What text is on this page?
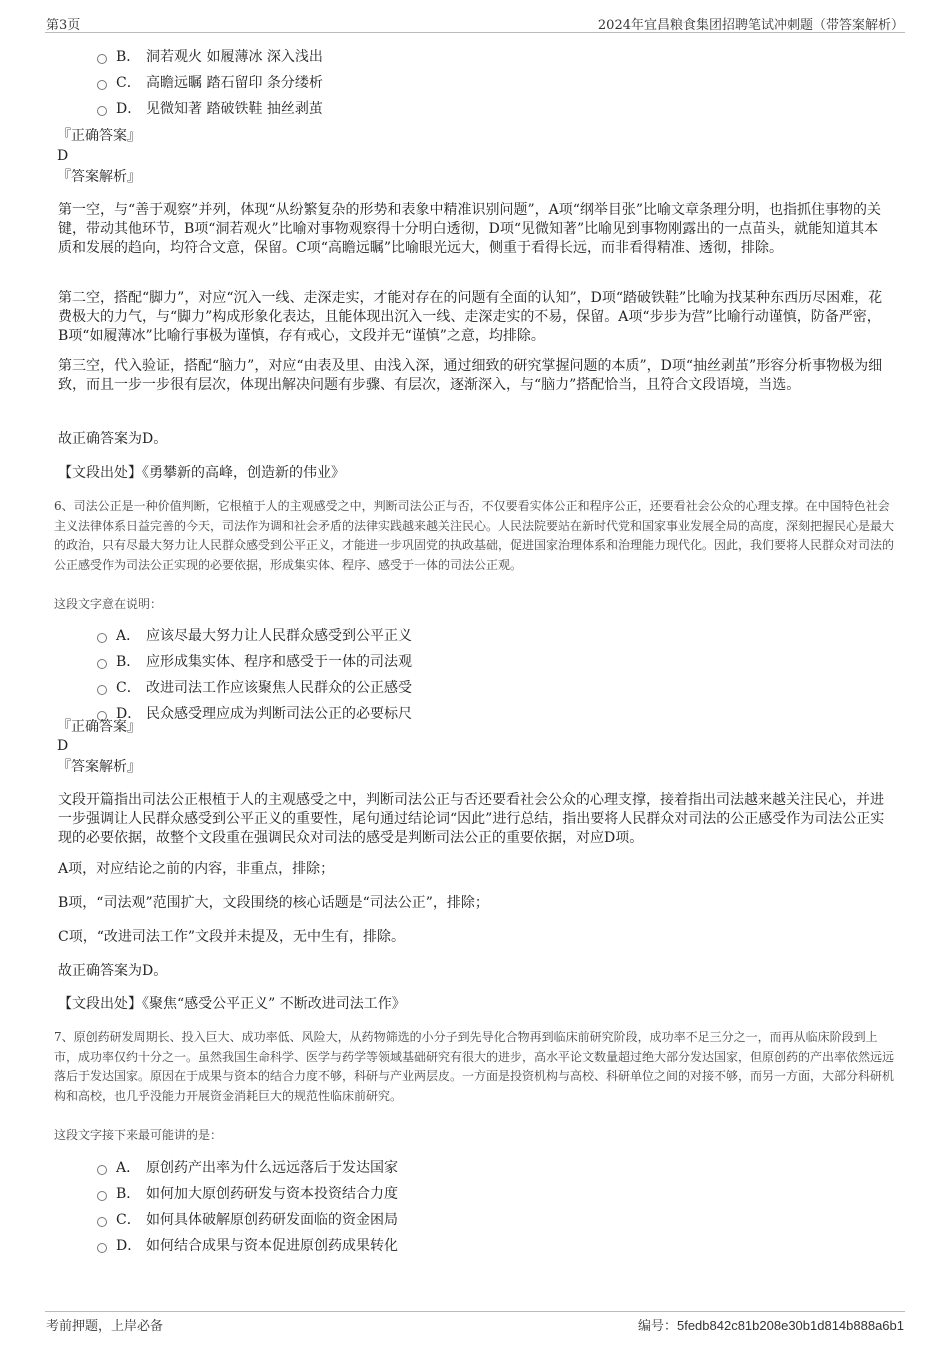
第3页	2024年宜昌粮食集团招聘笔试冲刺题（带答案解析）
B． 洞若观火 如履薄冰 深入浅出
C． 高瞻远瞩 踏石留印 条分缕析
D． 见微知著 踏破铁鞋 抽丝剥茧
『正确答案』
D
『答案解析』
第一空，与“善于观察”并列，体现“从纷繁复杂的形势和表象中精准识别问题”，A项“纲举目张”比喻文章条理分明，也指抓住事物的关键，带动其他环节，B项“洞若观火”比喻对事物观察得十分明白透彻，D项“见微知著”比喻见到事物刚露出的一点苗头，就能知道其本质和发展的趋向，均符合文意，保留。C项“高瞻远瞩”比喻眼光远大，侧重于看得长远，而非看得精准、透彻，排除。
第二空，搭配“脚力”，对应“沉入一线、走深走实，才能对存在的问题有全面的认知”，D项“踏破铁鞋”比喻为找某种东西历尽困难，花费极大的力气，与“脚力”构成形象化表达，且能体现出沉入一线、走深走实的不易，保留。A项“步步为营”比喻行动谨慎，防备严密，B项“如履薄冰”比喻行事极为谨慎，存有戒心，文段并无“谨慎”之意，均排除。
第三空，代入验证，搭配“脑力”，对应“由表及里、由浅入深，通过细致的研究掌握问题的本质”，D项“抽丝剥茧”形容分析事物极为细致，而且一步一步很有层次，体现出解决问题有步骤、有层次，逐渐深入，与“脑力”搭配恰当，且符合文段语境，当选。
故正确答案为D。
【文段出处】《勇攀新的高峰，创造新的伟业》
6、司法公正是一种价值判断，它根植于人的主观感受之中，判断司法公正与否，不仅要看实体公正和程序公正，还要看社会公众的心理支撑。在中国特色社会主义法律体系日益完善的今天，司法作为调和社会矛盾的法律实践越来越关注民心。人民法院要站在新时代党和国家事业发展全局的高度，深刻把握民心是最大的政治，只有尽最大努力让人民群众感受到公平正义，才能进一步巩固党的执政基础，促进国家治理体系和治理能力现代化。因此，我们要将人民群众对司法的公正感受作为司法公正实现的必要依据，形成集实体、程序、感受于一体的司法公正观。
这段文字意在说明：
A． 应该尽最大努力让人民群众感受到公平正义
B． 应形成集实体、程序和感受于一体的司法观
C． 改进司法工作应该聚焦人民群众的公正感受
D． 民众感受理应成为判断司法公正的必要标尺
『正确答案』
D
『答案解析』
文段开篇指出司法公正根植于人的主观感受之中，判断司法公正与否还要看社会公众的心理支撑，接着指出司法越来越关注民心，并进一步强调让人民群众感受到公平正义的重要性，尾句通过结论词“因此”进行总结，指出要将人民群众对司法的公正感受作为司法公正实现的必要依据，故整个文段重在强调民众对司法的感受是判断司法公正的重要依据，对应D项。
A项，对应结论之前的内容，非重点，排除；
B项，“司法观”范围扩大，文段围绕的核心话题是“司法公正”，排除；
C项，“改进司法工作”文段并未提及，无中生有，排除。
故正确答案为D。
【文段出处】《聚焦“感受公平正义” 不断改进司法工作》
7、原创药研发周期长、投入巨大、成功率低、风险大，从药物筛选的小分子到先导化合物再到临床前研究阶段，成功率不足三分之一，而再从临床阶段到上市，成功率仅约十分之一。虽然我国生命科学、医学与药学等领域基础研究有很大的进步，高水平论文数量超过绝大部分发达国家，但原创药的产出率依然远远落后于发达国家。原因在于成果与资本的结合力度不够，科研与产业两层皮。一方面是投资机构与高校、科研单位之间的对接不够，而另一方面，大部分科研机构和高校，也几乎没能力开展资金消耗巨大的规范性临床前研究。
这段文字接下来最可能讲的是：
A． 原创药产出率为什么远远落后于发达国家
B． 如何加大原创药研发与资本投资结合力度
C． 如何具体破解原创药研发面临的资金困局
D． 如何结合成果与资本促进原创药成果转化
考前押题，上岸必备	编号：5fedb842c81b208e30b1d814b888a6b1
